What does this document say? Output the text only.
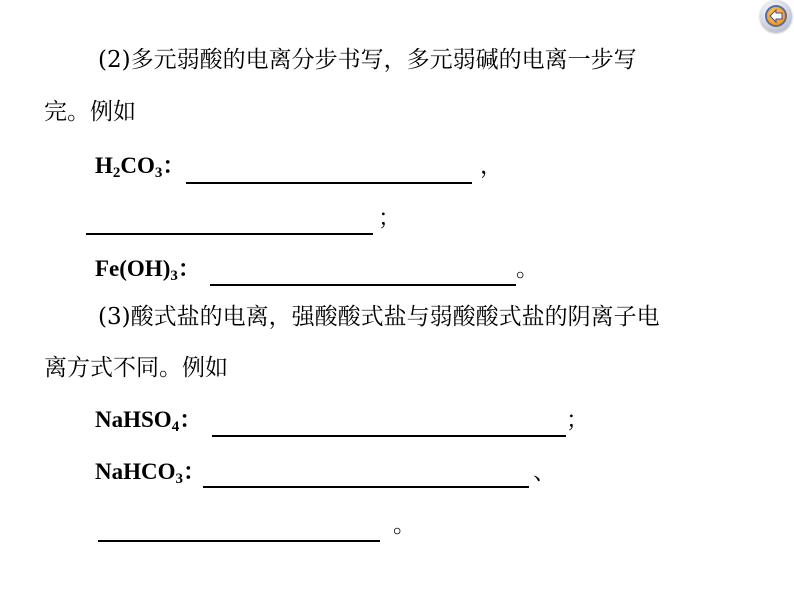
(2)多元弱酸的电离分步书写，多元弱碱的电离一步写
完。例如
$H_2CO_3$：	，
；
$Fe(OH)_3$：	。
(3)酸式盐的电离，强酸酸式盐与弱酸酸式盐的阴离子电
离方式不同。例如
NaHSO$_4$：	；
NaHCO$_3$：	、
。
